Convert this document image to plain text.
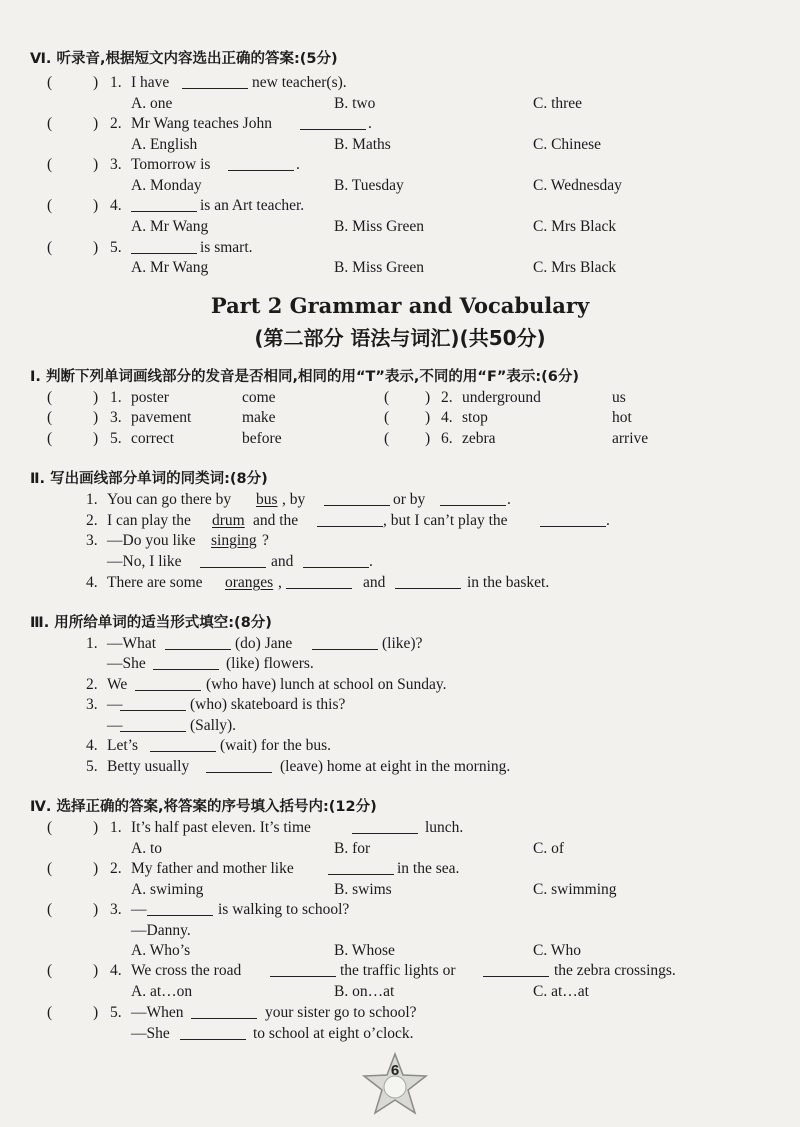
Ⅵ. 听录音,根据短文内容选出正确的答案:(5分)
(	) 1. I have	new teacher(s).
A. one	B. two	C. three
(	) 2. Mr Wang teaches John	.
A. English	B. Maths	C. Chinese
(	) 3. Tomorrow is	.
A. Monday	B. Tuesday	C. Wednesday
(	) 4.	is an Art teacher.
A. Mr Wang	B. Miss Green	C. Mrs Black
(	) 5.	is smart.
A. Mr Wang	B. Miss Green	C. Mrs Black
Part 2 Grammar and Vocabulary
(第二部分 语法与词汇)(共50分)
Ⅰ. 判断下列单词画线部分的发音是否相同,相同的用“T”表示,不同的用“F”表示:(6分)
(	) 1. poster	come	( ) 2. underground	us
(	) 3. pavement	make	( ) 4. stop	hot
(	) 5. correct	before	( ) 6. zebra	arrive
Ⅱ. 写出画线部分单词的同类词:(8分)
1. You can go there by bus , by	or by	.
2. I can play the drum and the	, but I can’t play the	.
3. —Do you like singing ?
—No, I like	and	.
4. There are some oranges ,	and	in the basket.
Ⅲ. 用所给单词的适当形式填空:(8分)
1. —What	(do) Jane	(like)?
—She	(like) flowers.
2. We	(who have) lunch at school on Sunday.
3. —	(who) skateboard is this?
—	(Sally).
4. Let’s	(wait) for the bus.
5. Betty usually	(leave) home at eight in the morning.
Ⅳ. 选择正确的答案,将答案的序号填入括号内:(12分)
(	) 1. It’s half past eleven. It’s time	lunch.
A. to	B. for	C. of
(	) 2. My father and mother like	in the sea.
A. swiming	B. swims	C. swimming
(	) 3. —	is walking to school?
—Danny.
A. Who’s	B. Whose	C. Who
(	) 4. We cross the road	the traffic lights or	the zebra crossings.
A. at…on	B. on…at	C. at…at
(	) 5. —When	your sister go to school?
—She	to school at eight o’clock.
6
